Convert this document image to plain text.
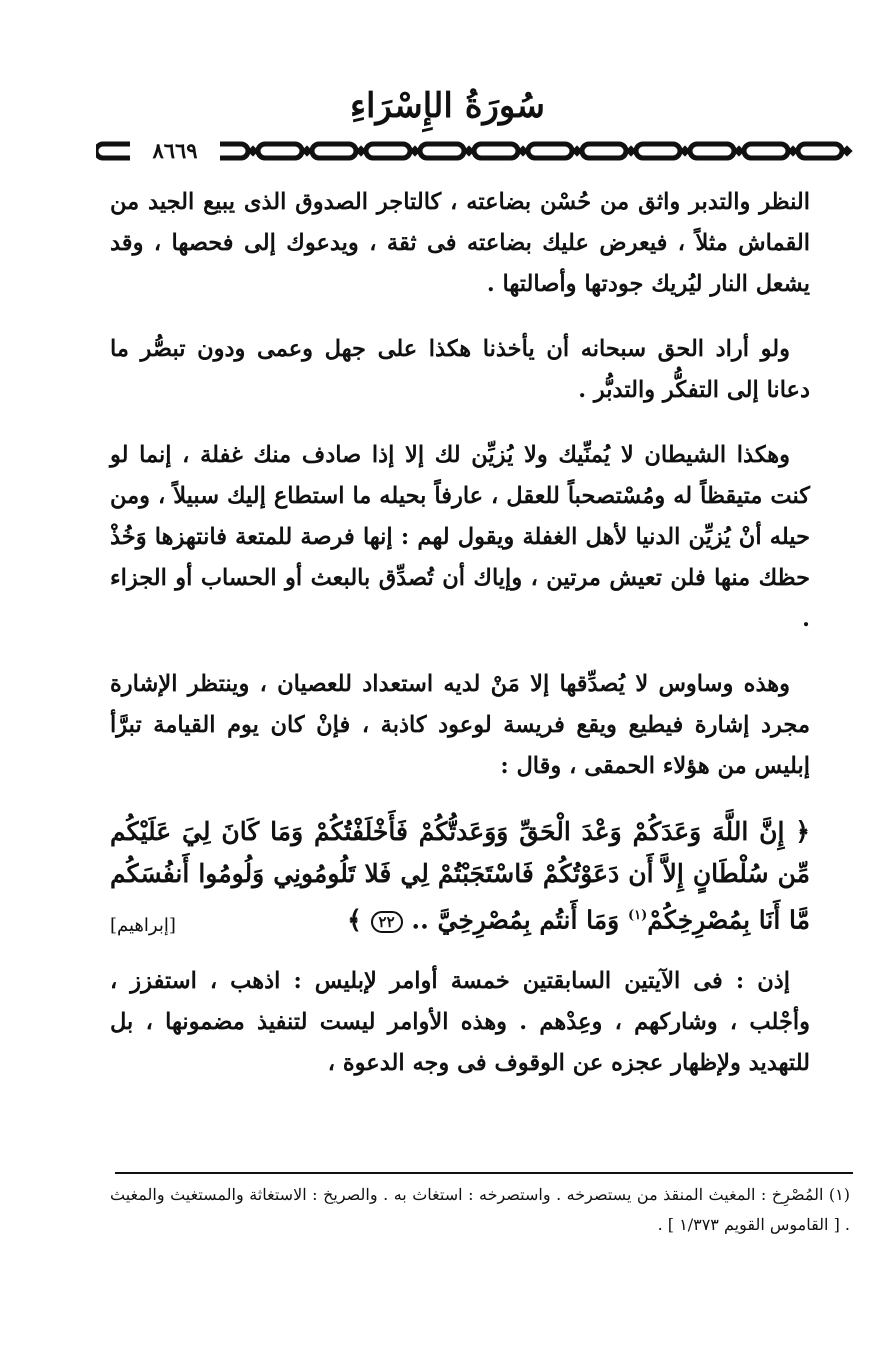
سُورَةُ الإِسْرَاءِ
٨٦٦٩

النظر والتدبر واثق من حُسْن بضاعته ، كالتاجر الصدوق الذى يبيع الجيد من القماش مثلاً ، فيعرض عليك بضاعته فى ثقة ، ويدعوك إلى فحصها ، وقد يشعل النار ليُريك جودتها وأصالتها .

ولو أراد الحق سبحانه أن يأخذنا هكذا على جهل وعمى ودون تبصُّر ما دعانا إلى التفكُّر والتدبُّر .

وهكذا الشيطان لا يُمنِّيك ولا يُزيِّن لك إلا إذا صادف منك غفلة ، إنما لو كنت متيقظاً له ومُسْتصحباً للعقل ، عارفاً بحيله ما استطاع إليك سبيلاً ، ومن حيله أنْ يُزيِّن الدنيا لأهل الغفلة ويقول لهم : إنها فرصة للمتعة فانتهزها وَخُذْ حظك منها فلن تعيش مرتين ، وإياك أن تُصدِّق بالبعث أو الحساب أو الجزاء .

وهذه وساوس لا يُصدِّقها إلا مَنْ لديه استعداد للعصيان ، وينتظر الإشارة مجرد إشارة فيطيع ويقع فريسة لوعود كاذبة ، فإنْ كان يوم القيامة تبرَّأ إبليس من هؤلاء الحمقى ، وقال :

﴿ إِنَّ اللَّهَ وَعَدَكُمْ وَعْدَ الْحَقِّ وَوَعَدتُّكُمْ فَأَخْلَفْتُكُمْ وَمَا كَانَ لِيَ عَلَيْكُم مِّن سُلْطَانٍ إِلاَّ أَن دَعَوْتُكُمْ فَاسْتَجَبْتُمْ لِي فَلا تَلُومُونِي وَلُومُوا أَنفُسَكُم مَّا أَنَا بِمُصْرِخِكُمْ$^{(١)}$ وَمَا أَنتُم بِمُصْرِخِيَّ .. ٢٢ ﴾
[إبراهيم]

إذن : فى الآيتين السابقتين خمسة أوامر لإبليس : اذهب ، استفزز ، وأجْلب ، وشاركهم ، وعِدْهم . وهذه الأوامر ليست لتنفيذ مضمونها ، بل للتهديد ولإظهار عجزه عن الوقوف فى وجه الدعوة ،

(١) المُصْرِخ : المغيث المنقذ من يستصرخه . واستصرخه : استغاث به . والصريخ : الاستغاثة والمستغيث والمغيث . [ القاموس القويم ١/٣٧٣ ] .
